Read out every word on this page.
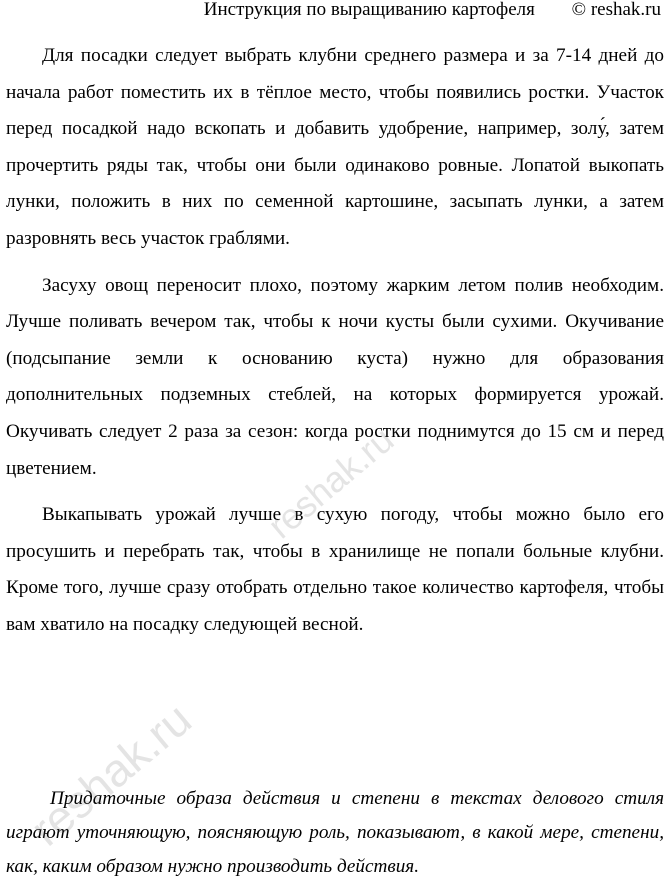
Инструкция по выращиванию картофеля © reshak.ru

Для посадки следует выбрать клубни среднего размера и за 7-14 дней до начала работ поместить их в тёплое место, чтобы появились ростки. Участок перед посадкой надо вскопать и добавить удобрение, например, золу́, затем прочертить ряды так, чтобы они были одинаково ровные. Лопатой выкопать лунки, положить в них по семенной картошине, засыпать лунки, а затем разровнять весь участок граблями.

Засуху овощ переносит плохо, поэтому жарким летом полив необходим. Лучше поливать вечером так, чтобы к ночи кусты были сухими. Окучивание (подсыпание земли к основанию куста) нужно для образования дополнительных подземных стеблей, на которых формируется урожай. Окучивать следует 2 раза за сезон: когда ростки поднимутся до 15 см и перед цветением.

Выкапывать урожай лучше в сухую погоду, чтобы можно было его просушить и перебрать так, чтобы в хранилище не попали больные клубни. Кроме того, лучше сразу отобрать отдельно такое количество картофеля, чтобы вам хватило на посадку следующей весной.

Придаточные образа действия и степени в текстах делового стиля играют уточняющую, поясняющую роль, показывают, в какой мере, степени, как, каким образом нужно производить действия.

reshak.ru
reshak.ru
